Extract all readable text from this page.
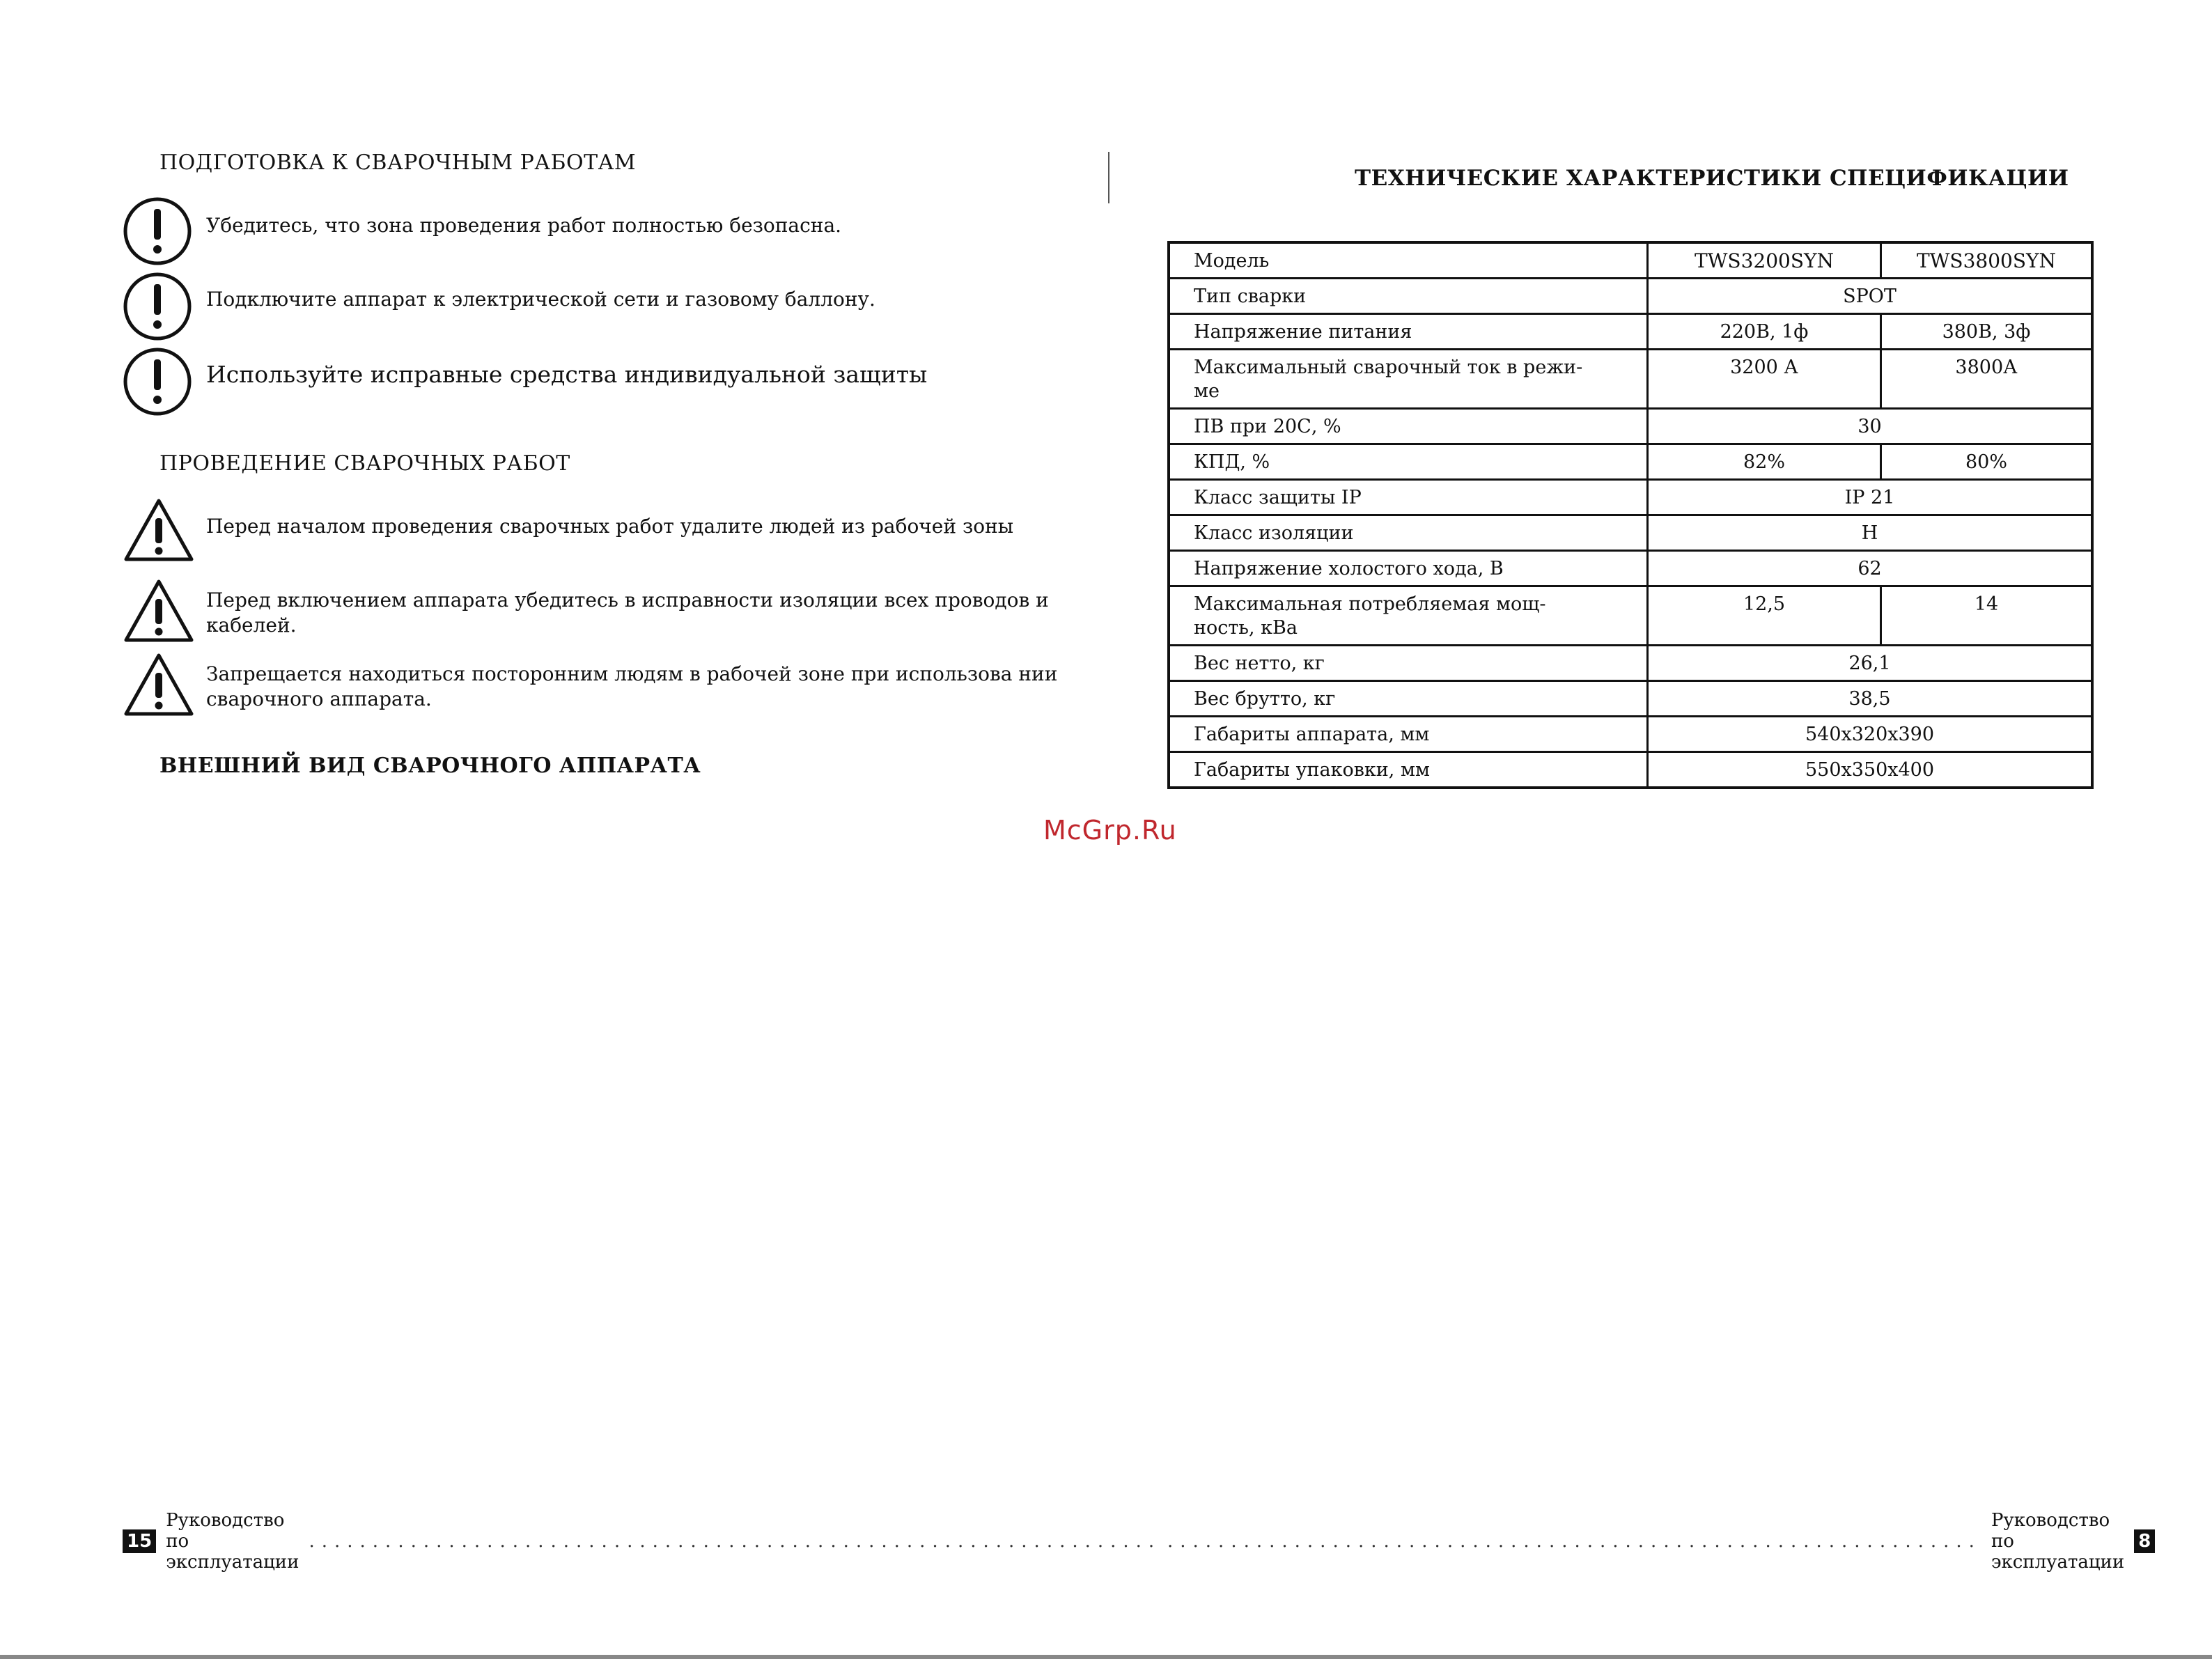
ПОДГОТОВКА К СВАРОЧНЫМ РАБОТАМ
Убедитесь, что зона проведения работ полностью безопасна.
Подключите аппарат к электрической сети и газовому баллону.
Используйте исправные средства индивидуальной защиты
ПРОВЕДЕНИЕ СВАРОЧНЫХ РАБОТ
Перед началом проведения сварочных работ удалите людей из рабочей зоны
Перед включением аппарата убедитесь в исправности изоляции всех проводов и кабелей.
Запрещается находиться посторонним людям в рабочей зоне при использова нии сварочного аппарата.
ВНЕШНИЙ ВИД СВАРОЧНОГО АППАРАТА
ТЕХНИЧЕСКИЕ ХАРАКТЕРИСТИКИ СПЕЦИФИКАЦИИ
Модель	TWS3200SYN	TWS3800SYN
Тип сварки	SPOT	
Напряжение питания	220В, 1ф	380В, 3ф
Максимальный сварочный ток в режи-
ме	3200 А	3800А
ПВ при 20С, %	30	
КПД, %	82%	80%
Класс защиты IP	IP 21	
Класс изоляции	H	
Напряжение холостого хода, В	62	
Максимальная потребляемая мощ-
ность, кВа	12,5	14
Вес нетто, кг	26,1	
Вес брутто, кг	38,5	
Габариты аппарата, мм	540x320x390	
Габариты упаковки, мм	550x350x400	
McGrp.Ru
15
Руководство по эксплуатации
................................................................... ................................................................
Руководство по эксплуатации
8
